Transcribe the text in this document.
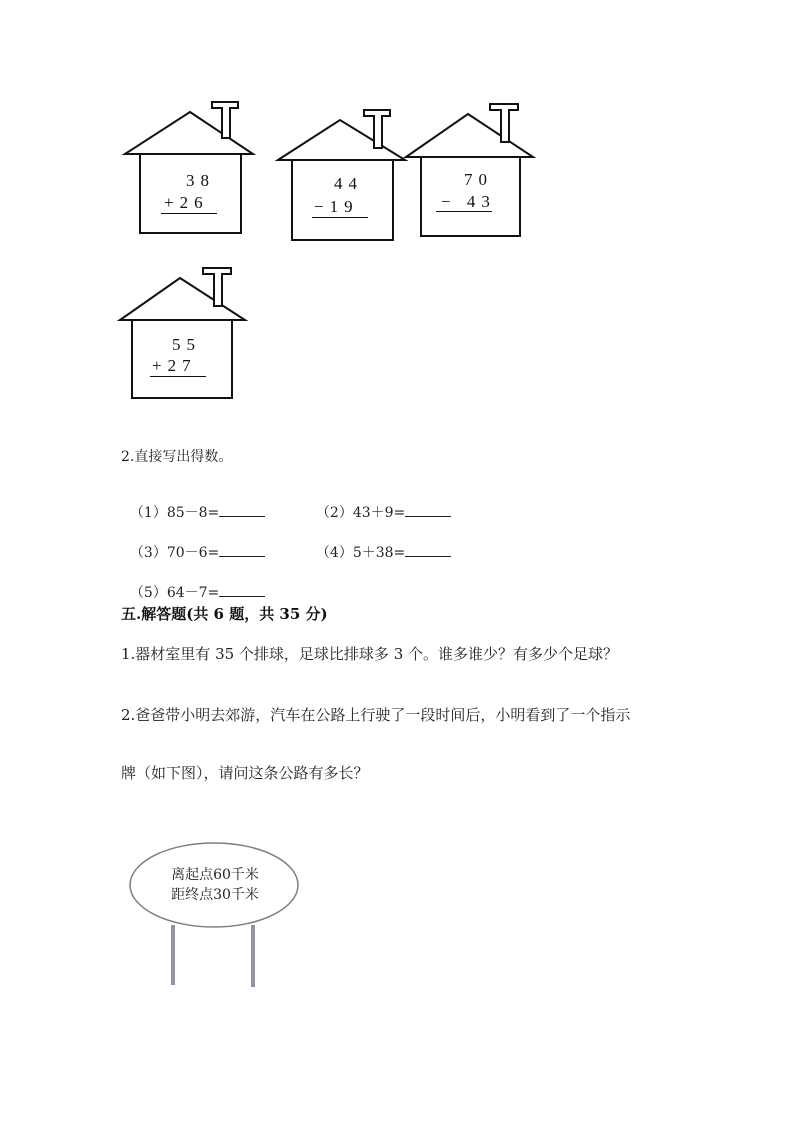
38
+26
44
−19
70
− 43
55
+27
2.直接写出得数。

（1）85－8=	（2）43＋9=

（3）70－6=	（4）5＋38=

（5）64－7=

五.解答题(共 6 题，共 35 分)
1.器材室里有 35 个排球，足球比排球多 3 个。谁多谁少？有多少个足球？
2.爸爸带小明去郊游，汽车在公路上行驶了一段时间后，小明看到了一个指示
牌（如下图），请问这条公路有多长？
离起点60千米
距终点30千米
